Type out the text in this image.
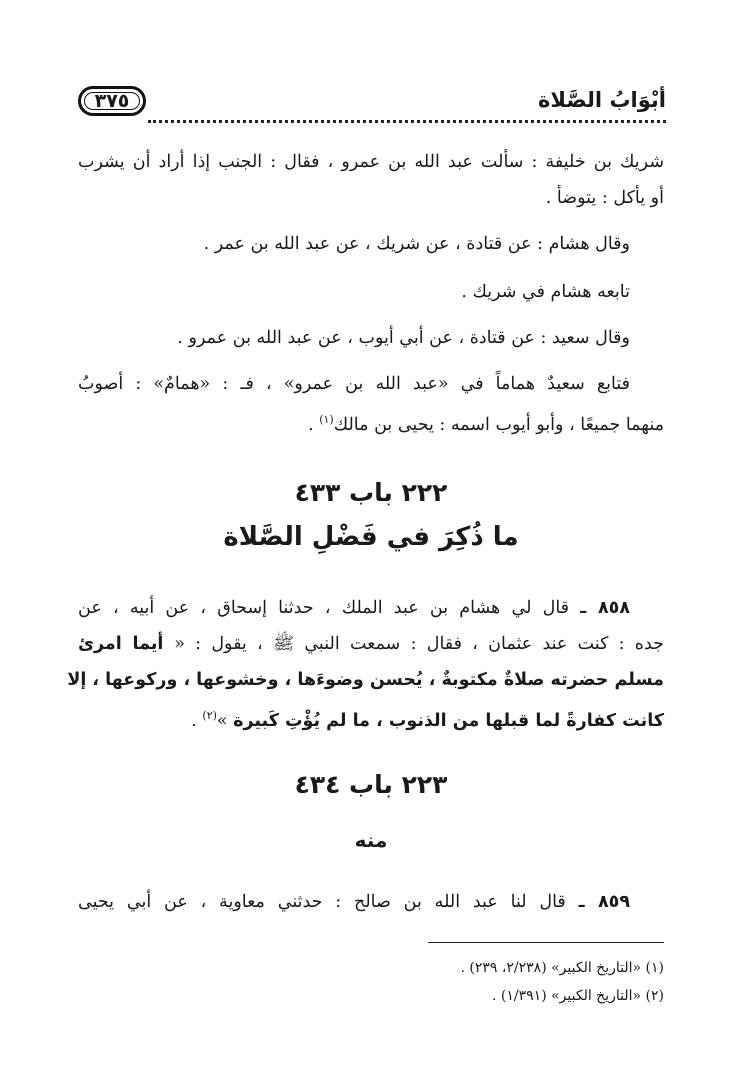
٣٧٥	أبْوَابُ الصَّلاة
شريك بن خليفة : سألت عبد الله بن عمرو ، فقال : الجنب إذا أراد أن يشرب
أو يأكل : يتوضأ .
وقال هشام : عن قتادة ، عن شريك ، عن عبد الله بن عمر .
تابعه هشام في شريك .
وقال سعيد : عن قتادة ، عن أبي أيوب ، عن عبد الله بن عمرو .
فتابع سعيدٌ هماماً في «عبد الله بن عمرو» ، فـ : «همامٌ» : أصوبُ
منهما جميعًا ، وأبو أيوب اسمه : يحيى بن مالك$^{(١)}$ .
٢٢٢ باب ٤٣٣
ما ذُكِرَ في فَضْلِ الصَّلاة
٨٥٨ ـ قال لي هشام بن عبد الملك ، حدثنا إسحاق ، عن أبيه ، عن
جده : كنت عند عثمان ، فقال : سمعت النبي ﷺ ، يقول : « أيما امرئ
مسلم حضرته صلاةٌ مكتوبةٌ ، يُحسن وضوءَها ، وخشوعها ، وركوعها ، إلا
كانت كفارةً لما قبلها من الذنوب ، ما لم يُؤْتِ كَبيرة »$^{(٢)}$ .
٢٢٣ باب ٤٣٤
منه
٨٥٩ ـ قال لنا عبد الله بن صالح : حدثني معاوية ، عن أبي يحيى
(١) «التاريخ الكبير» (٢/٢٣٨، ٢٣٩) .
(٢) «التاريخ الكبير» (١/٣٩١) .
